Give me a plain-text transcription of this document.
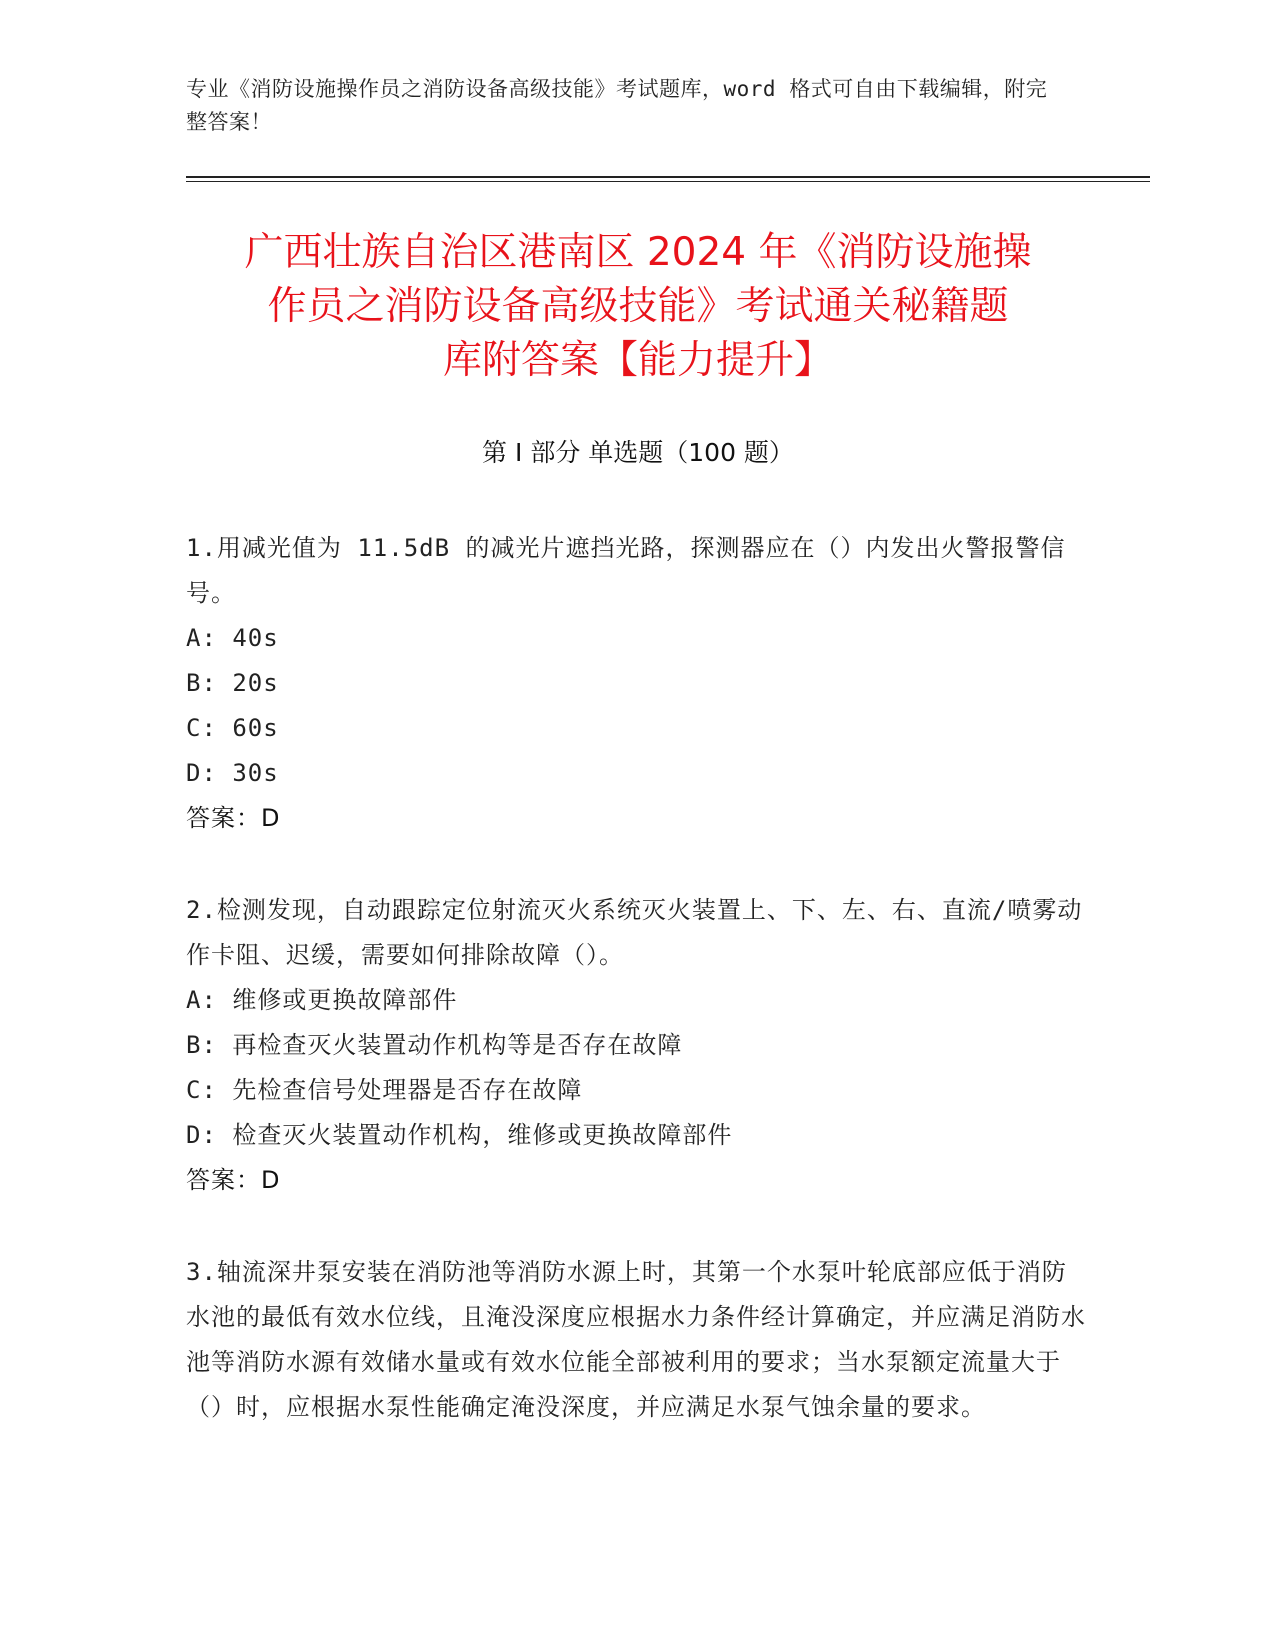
专业《消防设施操作员之消防设备高级技能》考试题库，word 格式可自由下载编辑，附完整答案！
广西壮族自治区港南区 2024 年《消防设施操
作员之消防设备高级技能》考试通关秘籍题
库附答案【能力提升】
第 I 部分 单选题（100 题）
1.用减光值为 11.5dB 的减光片遮挡光路，探测器应在（）内发出火警报警信号。
A: 40s
B: 20s
C: 60s
D: 30s
答案：D
2.检测发现，自动跟踪定位射流灭火系统灭火装置上、下、左、右、直流/喷雾动作卡阻、迟缓，需要如何排除故障（）。
A: 维修或更换故障部件
B: 再检查灭火装置动作机构等是否存在故障
C: 先检查信号处理器是否存在故障
D: 检查灭火装置动作机构，维修或更换故障部件
答案：D
3.轴流深井泵安装在消防池等消防水源上时，其第一个水泵叶轮底部应低于消防水池的最低有效水位线，且淹没深度应根据水力条件经计算确定，并应满足消防水池等消防水源有效储水量或有效水位能全部被利用的要求；当水泵额定流量大于（）时，应根据水泵性能确定淹没深度，并应满足水泵气蚀余量的要求。
